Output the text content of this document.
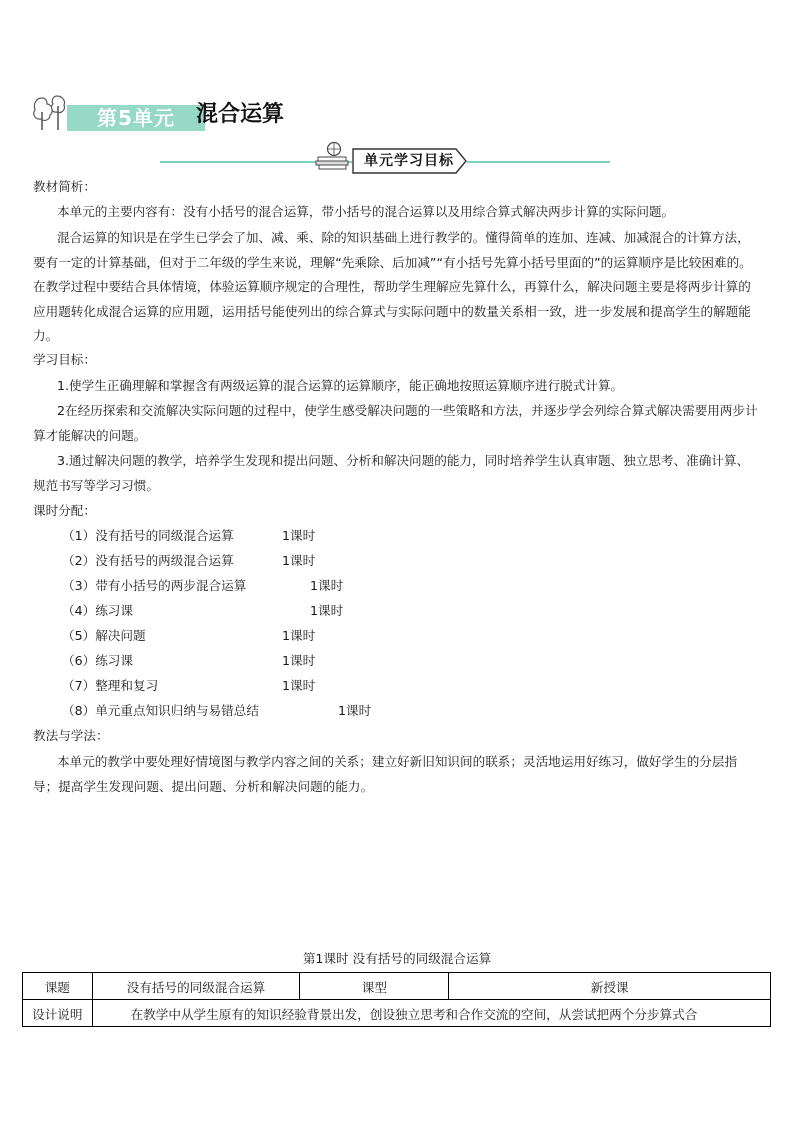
第5单元 混合运算
单元学习目标
教材简析：
本单元的主要内容有：没有小括号的混合运算，带小括号的混合运算以及用综合算式解决两步计算的实际问题。
混合运算的知识是在学生已学会了加、减、乘、除的知识基础上进行教学的。懂得简单的连加、连减、加减混合的计算方法，要有一定的计算基础，但对于二年级的学生来说，理解“先乘除、后加减”“有小括号先算小括号里面的”的运算顺序是比较困难的。在教学过程中要结合具体情境，体验运算顺序规定的合理性，帮助学生理解应先算什么，再算什么，解决问题主要是将两步计算的应用题转化成混合运算的应用题，运用括号能使列出的综合算式与实际问题中的数量关系相一致，进一步发展和提高学生的解题能力。
学习目标：
1.使学生正确理解和掌握含有两级运算的混合运算的运算顺序，能正确地按照运算顺序进行脱式计算。
2在经历探索和交流解决实际问题的过程中，使学生感受解决问题的一些策略和方法，并逐步学会列综合算式解决需要用两步计算才能解决的问题。
3.通过解决问题的教学，培养学生发现和提出问题、分析和解决问题的能力，同时培养学生认真审题、独立思考、准确计算、规范书写等学习习惯。
课时分配：
（1）没有括号的同级混合运算	1课时
（2）没有括号的两级混合运算	1课时
（3）带有小括号的两步混合运算	1课时
（4）练习课	1课时
（5）解决问题	1课时
（6）练习课	1课时
（7）整理和复习	1课时
（8）单元重点知识归纳与易错总结	1课时
教法与学法：
本单元的教学中要处理好情境图与教学内容之间的关系；建立好新旧知识间的联系；灵活地运用好练习，做好学生的分层指导；提高学生发现问题、提出问题、分析和解决问题的能力。
第1课时 没有括号的同级混合运算
课题	没有括号的同级混合运算	课型	新授课
设计说明	在教学中从学生原有的知识经验背景出发，创设独立思考和合作交流的空间，从尝试把两个分步算式合		
